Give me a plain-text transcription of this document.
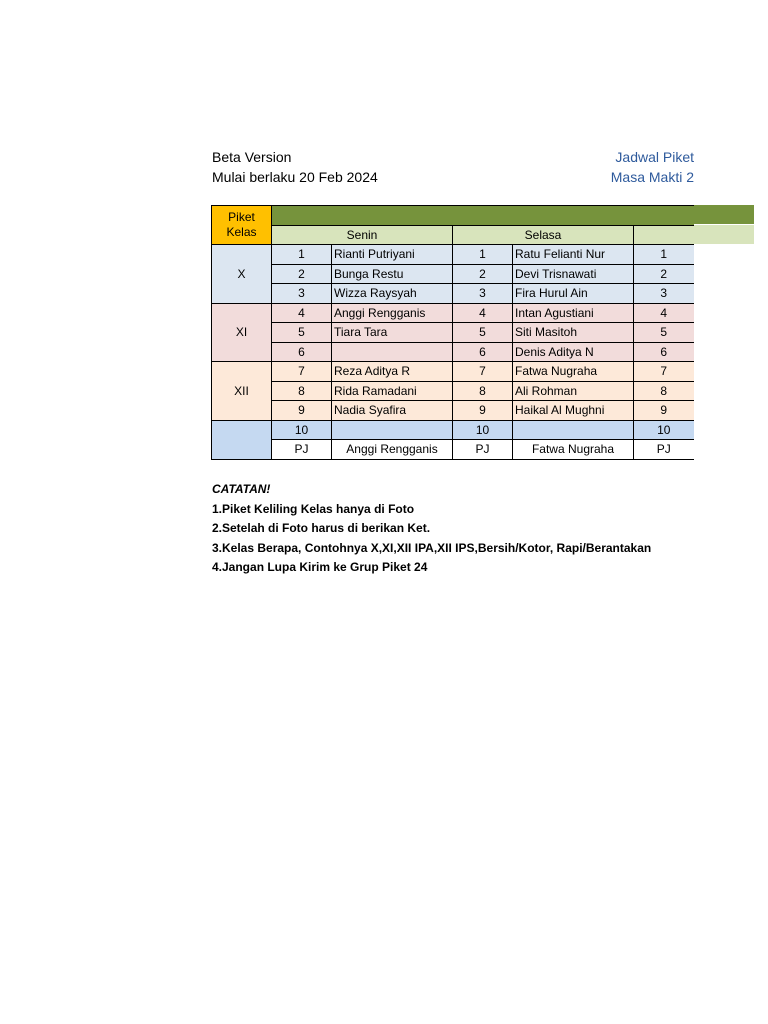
Beta Version
Mulai berlaku 20 Feb 2024
Jadwal Piket
Masa Makti 2
Piket
Kelas					
	Senin		Selasa		
X	1	Rianti Putriyani	1	Ratu Felianti Nur	1
	2	Bunga Restu	2	Devi Trisnawati	2
	3	Wizza Raysyah	3	Fira Hurul Ain	3
XI	4	Anggi Rengganis	4	Intan Agustiani	4
	5	Tiara Tara	5	Siti Masitoh	5
	6		6	Denis Aditya N	6
XII	7	Reza Aditya R	7	Fatwa Nugraha	7
	8	Rida Ramadani	8	Ali Rohman	8
	9	Nadia Syafira	9	Haikal Al Mughni	9
	10		10		10
	PJ	Anggi Rengganis	PJ	Fatwa Nugraha	PJ
CATATAN!
1.Piket Keliling Kelas hanya di Foto
2.Setelah di Foto harus di berikan Ket.
3.Kelas Berapa, Contohnya X,XI,XII IPA,XII IPS,Bersih/Kotor, Rapi/Berantakan
4.Jangan Lupa Kirim ke Grup Piket 24
